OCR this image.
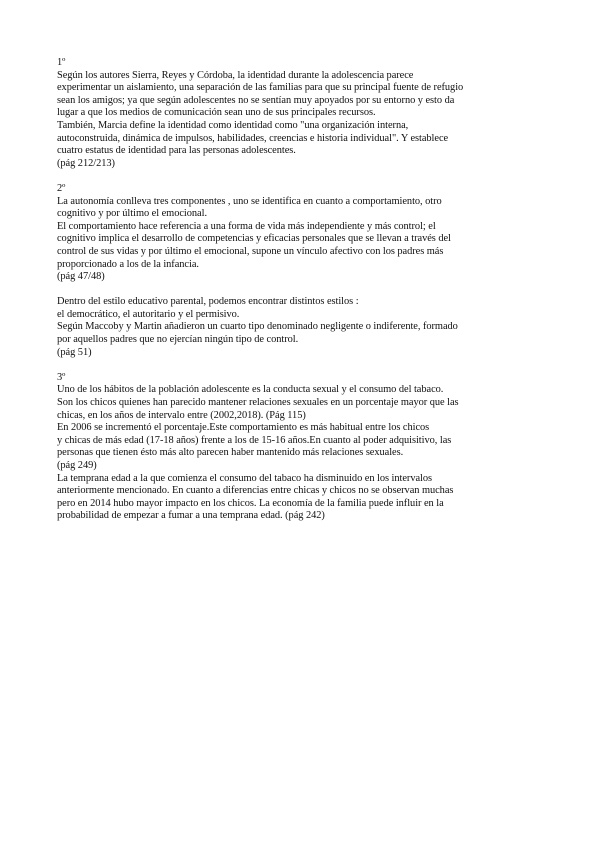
1º
Según los autores Sierra, Reyes y Córdoba, la identidad durante la adolescencia parece
experimentar un aislamiento, una separación de las familias para que su principal fuente de refugio
sean los amigos; ya que según adolescentes no se sentían muy apoyados por su entorno y esto da
lugar a que los medios de comunicación sean uno de sus principales recursos.
También, Marcia define la identidad como identidad como "una organización interna,
autoconstruida, dinámica de impulsos, habilidades, creencias e historia individual". Y establece
cuatro estatus de identidad para las personas adolescentes.
(pág 212/213)
2º
La autonomía conlleva tres componentes , uno se identifica en cuanto a comportamiento, otro
cognitivo y por último el emocional.
El comportamiento hace referencia a una forma de vida más independiente y más control; el
cognitivo implica el desarrollo de competencias y eficacias personales que se llevan a través del
control de sus vidas y por último el emocional, supone un vínculo afectivo con los padres más
proporcionado a los de la infancia.
(pág 47/48)
Dentro del estilo educativo parental, podemos encontrar distintos estilos :
el democrático, el autoritario y el permisivo.
Según Maccoby y Martin añadieron un cuarto tipo denominado negligente o indiferente, formado
por aquellos padres que no ejercían ningún tipo de control.
(pág 51)
3º
Uno de los hábitos de la población adolescente es la conducta sexual y el consumo del tabaco.
Son los chicos quienes han parecido mantener relaciones sexuales en un porcentaje mayor que las
chicas, en los años de intervalo entre (2002,2018). (Pág 115)
En 2006 se incrementó el porcentaje.Este comportamiento es más habitual entre los chicos
y chicas de más edad (17-18 años) frente a los de 15-16 años.En cuanto al poder adquisitivo, las
personas que tienen ésto más alto parecen haber mantenido más relaciones sexuales.
(pág 249)
La temprana edad a la que comienza el consumo del tabaco ha disminuido en los intervalos
anteriormente mencionado. En cuanto a diferencias entre chicas y chicos no se observan muchas
pero en 2014 hubo mayor impacto en los chicos. La economía de la familia puede influir en la
probabilidad de empezar a fumar a una temprana edad. (pág 242)
